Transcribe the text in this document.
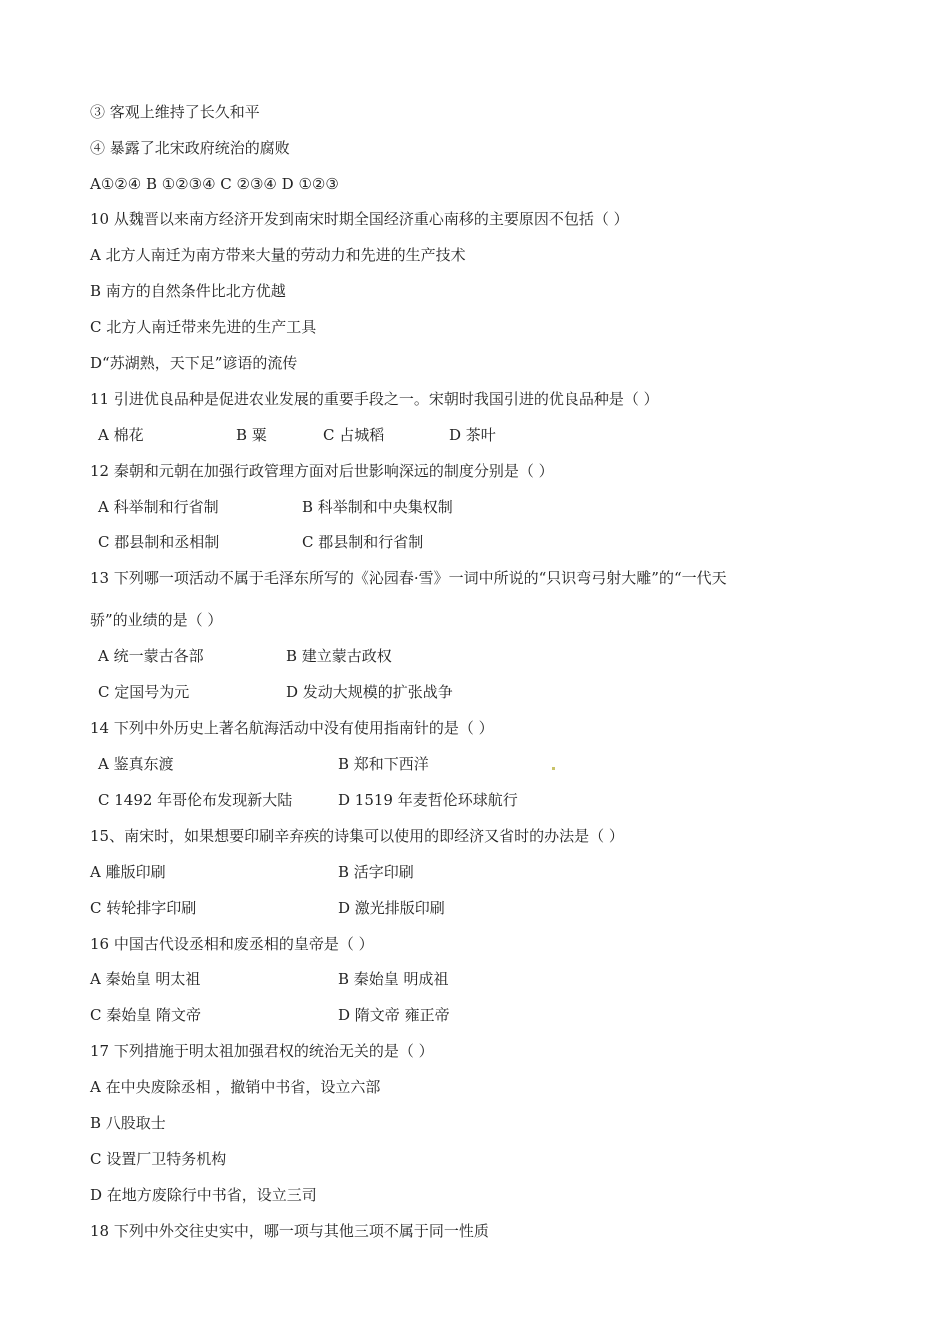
③ 客观上维持了长久和平
④ 暴露了北宋政府统治的腐败
A①②④ B ①②③④ C ②③④ D ①②③
10 从魏晋以来南方经济开发到南宋时期全国经济重心南移的主要原因不包括（ ）
A 北方人南迁为南方带来大量的劳动力和先进的生产技术
B 南方的自然条件比北方优越
C 北方人南迁带来先进的生产工具
D“苏湖熟，天下足”谚语的流传
11 引进优良品种是促进农业发展的重要手段之一。宋朝时我国引进的优良品种是（ ）
A 棉花	B 粟	C 占城稻	D 茶叶
12 秦朝和元朝在加强行政管理方面对后世影响深远的制度分别是（ ）
A 科举制和行省制	B 科举制和中央集权制
C 郡县制和丞相制	C 郡县制和行省制
13 下列哪一项活动不属于毛泽东所写的《沁园春·雪》一词中所说的“只识弯弓射大雕”的“一代天
骄”的业绩的是（ ）
A 统一蒙古各部	B 建立蒙古政权
C 定国号为元	D 发动大规模的扩张战争
14 下列中外历史上著名航海活动中没有使用指南针的是（ ）
A 鉴真东渡	B 郑和下西洋
C 1492 年哥伦布发现新大陆	D 1519 年麦哲伦环球航行
15、南宋时，如果想要印刷辛弃疾的诗集可以使用的即经济又省时的办法是（ ）
A 雕版印刷	B 活字印刷
C 转轮排字印刷	D 激光排版印刷
16 中国古代设丞相和废丞相的皇帝是（ ）
A 秦始皇 明太祖	B 秦始皇 明成祖
C 秦始皇 隋文帝	D 隋文帝 雍正帝
17 下列措施于明太祖加强君权的统治无关的是（ ）
A 在中央废除丞相 ，撤销中书省，设立六部
B 八股取士
C 设置厂卫特务机构
D 在地方废除行中书省，设立三司
18 下列中外交往史实中，哪一项与其他三项不属于同一性质
